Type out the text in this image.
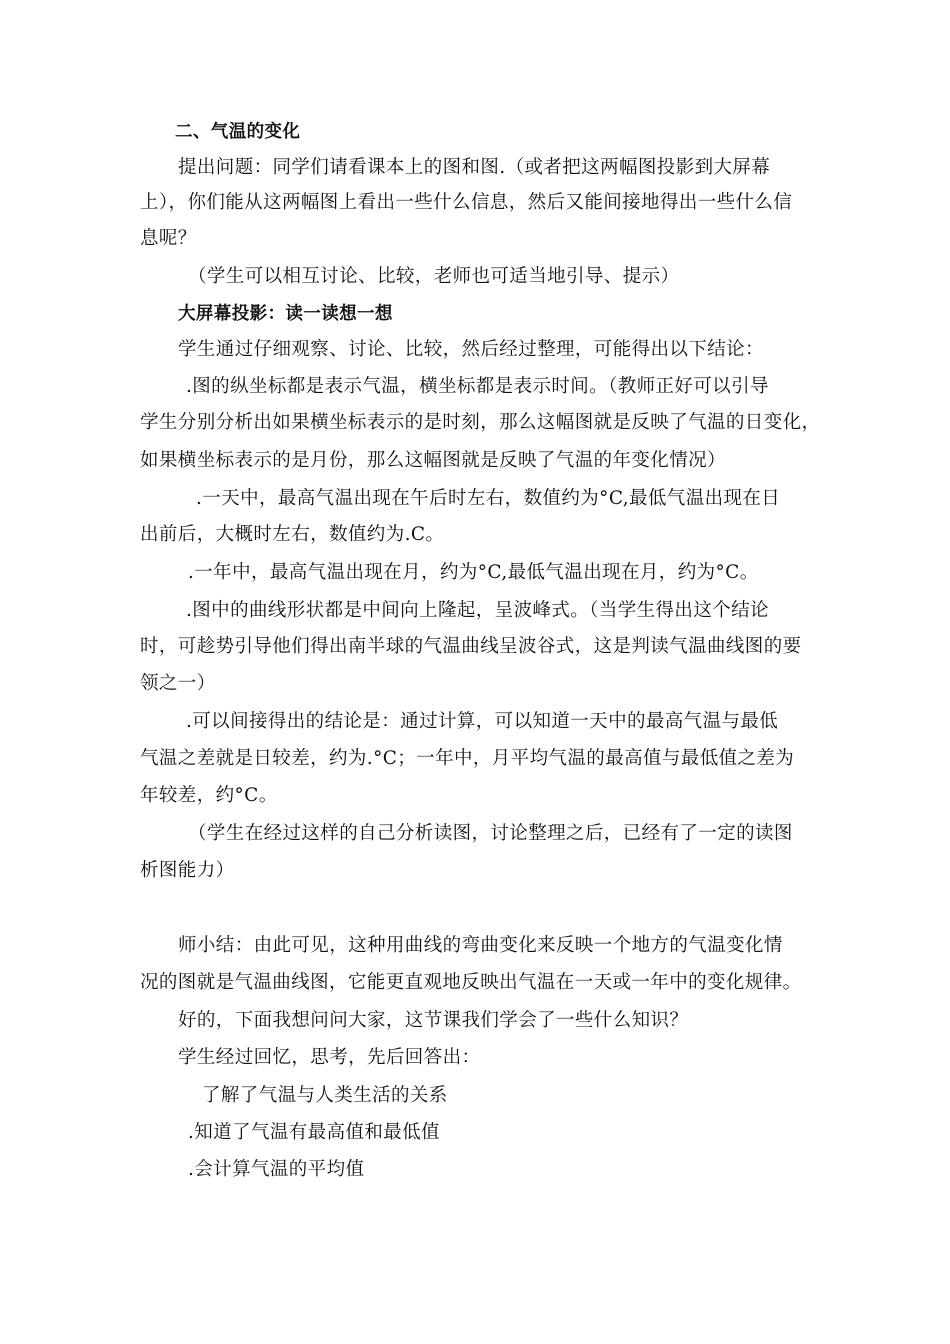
二、气温的变化
提出问题：同学们请看课本上的图和图.（或者把这两幅图投影到大屏幕
上），你们能从这两幅图上看出一些什么信息，然后又能间接地得出一些什么信
息呢？
（学生可以相互讨论、比较，老师也可适当地引导、提示）
大屏幕投影：读一读想一想
学生通过仔细观察、讨论、比较，然后经过整理，可能得出以下结论：
.图的纵坐标都是表示气温，横坐标都是表示时间。（教师正好可以引导
学生分别分析出如果横坐标表示的是时刻，那么这幅图就是反映了气温的日变化，
如果横坐标表示的是月份，那么这幅图就是反映了气温的年变化情况）
.一天中，最高气温出现在午后时左右，数值约为°C,最低气温出现在日
出前后，大概时左右，数值约为.C。
.一年中，最高气温出现在月，约为°C,最低气温出现在月，约为°C。
.图中的曲线形状都是中间向上隆起，呈波峰式。（当学生得出这个结论
时，可趁势引导他们得出南半球的气温曲线呈波谷式，这是判读气温曲线图的要
领之一）
.可以间接得出的结论是：通过计算，可以知道一天中的最高气温与最低
气温之差就是日较差，约为.°C；一年中，月平均气温的最高值与最低值之差为
年较差，约°C。
（学生在经过这样的自己分析读图，讨论整理之后，已经有了一定的读图
析图能力）
师小结：由此可见，这种用曲线的弯曲变化来反映一个地方的气温变化情
况的图就是气温曲线图，它能更直观地反映出气温在一天或一年中的变化规律。
好的，下面我想问问大家，这节课我们学会了一些什么知识？
学生经过回忆，思考，先后回答出：
了解了气温与人类生活的关系
.知道了气温有最高值和最低值
.会计算气温的平均值
